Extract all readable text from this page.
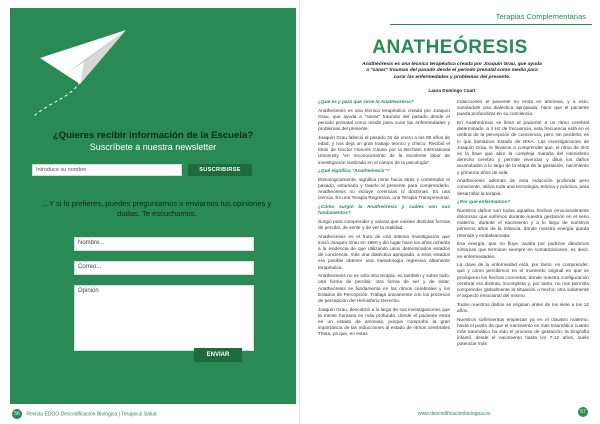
¿Quieres recibir información de la Escuela?
Suscríbete a nuestra newsletter
Introduce su nombre	SUSCRIBIRSE
...Y si lo prefieres, puedes preguntarnos o enviarnos tus opiniones y dudas. Te escuchamos.
Nombre...
Correo...
Opinión
ENVIAR
56 Revista EDGO Descodificación Biológica | Terapia & Salud
Terapias Complementarias
ANATHEÓRESIS
Anatheóresis es una técnica terapéutica creada por Joaquín Grau, que ayuda a "sanar" traumas del pasado desde el periodo prenatal como medio para curar las enfermedades y problemas del presente.
Laura Domingo Cuart

¿Qué es y para qué sirve la Anatheóresis?

Anatheóresis es una técnica terapéutica creada por Joaquín Grau, que ayuda a "sanar" traumas del pasado desde el periodo prenatal como medio para curar las enfermedades y problemas del presente.

Joaquín Grau falleció el pasado 31 de enero a los 85 años de edad, y nos deja un gran trabajo teórico y clínico. Recibió el título de Doctor Honoris Causa por la Bircham International University "en reconocimiento de la excelente labor de investigación realizada en el campo de la psicología".

¿Qué significa "Anatheóresis"?

Etimológicamente, significa mirar hacia atrás y contemplar el pasado, estumarlo y traerlo al presente para comprenderlo. Anatheóresis no incluye creencias ni doctrinas. Es una ciencia. Es una Terapia Regresiva, una Terapia Transpersonal.

¿Cómo surgió la Anatheóresis y cuáles son sus fundamentos?

Surgió para comprender y valorar que existen distintas formas de percibir, de sentir y de ver la realidad.

Anatheóresis es el fruto de una intensa investigación que inició Joaquín Grau en 1960 y dio lugar hace los años ochenta a la evidencia de que utilizando unos determinados estados de conciencia, más una dialéctica apropiada, a esos estados era posible obtener una metodología regresiva altamente terapéutica.

Anatheóresis no es sólo otra terapia, es también y sobre todo, otra forma de percibir, otra forma de ser y de estar. Anatheóresis se fundamenta en los ritmos cerebrales y los Estados de Percepción. Trabaja únicamente con los procesos de percepción del Hemisferio Derecho.

Joaquín Grau, descubrió a lo largo de sus investigaciones que la mente humana es más profunda, donde el paciente entra en un estado de amnesia, porque comprobó la gran importancia de las Inducciones al estado de ritmos cerebrales Theta, ya que, en estas

Inducciones el paciente no entra en amnesia, y a esto, sumándole una dialéctica apropiada, hace que el paciente pueda profundizar en su conciencia.

En Anatheóresis se lleva al paciente a un ritmo cerebral determinado, a 4 Hz de frecuencia, esta frecuencia está en el umbral de la percepción de conciencia, pero sin perderla, es lo que llamamos Estado de IEKA. Las investigaciones de Joaquín Grau, le llevaron a comprender que, el ritmo de 4Hz es la llave que abre la compleja maraña del Hemisferio derecho cerebro y permite vivenciar y diluir los daños acumulados a lo largo de la etapa de la gestación, nacimiento y primeros años de vida.

Anatheóresis además de esta inducción profunda pero consciente, utiliza toda una tecnología, teórica y práctica, para desarrollar la terapia.

¿Por qué enfermamos?

Nuestros daños son todos aquellos hechos emocionalmente dolorosos que sufrimos durante nuestra gestación en el seno materno, durante el nacimiento y a lo largo de nuestros primeros años de la infancia, dónde nuestra energía queda retenida y embalsamada.

Esa energía, que no fluye, acaba por pudrirse dándonos síntomas que terminan siempre en somatizaciones, es decir, en enfermedades.

La clave de la enfermedad está, por tanto, en comprender, qué y cómo percibimos en el momento original en que se produjeron los hechos concretos, donde nuestra configuración cerebral era distinta, incompleta y, por tanto, no nos permitía comprender globalmente la situación o hecho; otra solamente el aspecto emocional del mismo.

Todos nuestros daños se originan antes de los siete a los 12 años.

Nuestros sufrimientos empiezan ya en el claustro materno, hasta el punto de que el nacimiento es más traumático cuanto más traumático ha sido el proceso de gestación; la biografía infantil, desde el nacimiento hasta los 7-12 años, suele potenciar más

www.descodificacionbiologica.es	57
